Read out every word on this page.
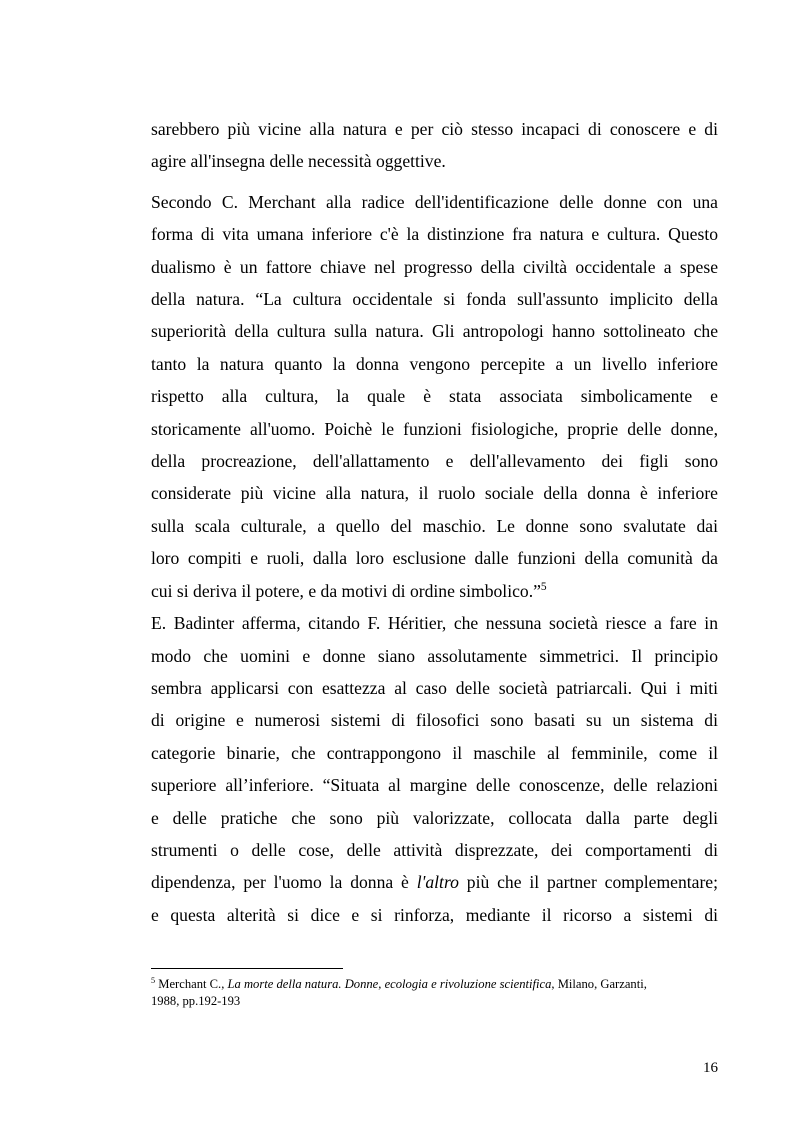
sarebbero più vicine alla natura e per ciò stesso incapaci di conoscere e di
agire all'insegna delle necessità oggettive.

Secondo C. Merchant alla radice dell'identificazione delle donne con una
forma di vita umana inferiore c'è la distinzione fra natura e cultura. Questo
dualismo è un fattore chiave nel progresso della civiltà occidentale a spese
della natura. “La cultura occidentale si fonda sull'assunto implicito della
superiorità della cultura sulla natura. Gli antropologi hanno sottolineato che
tanto la natura quanto la donna vengono percepite a un livello inferiore
rispetto alla cultura, la quale è stata associata simbolicamente e
storicamente all'uomo. Poichè le funzioni fisiologiche, proprie delle donne,
della procreazione, dell'allattamento e dell'allevamento dei figli sono
considerate più vicine alla natura, il ruolo sociale della donna è inferiore
sulla scala culturale, a quello del maschio. Le donne sono svalutate dai
loro compiti e ruoli, dalla loro esclusione dalle funzioni della comunità da
cui si deriva il potere, e da motivi di ordine simbolico.”$^5$

E. Badinter afferma, citando F. Héritier, che nessuna società riesce a fare in
modo che uomini e donne siano assolutamente simmetrici. Il principio
sembra applicarsi con esattezza al caso delle società patriarcali. Qui i miti
di origine e numerosi sistemi di filosofici sono basati su un sistema di
categorie binarie, che contrappongono il maschile al femminile, come il
superiore all’inferiore. “Situata al margine delle conoscenze, delle relazioni
e delle pratiche che sono più valorizzate, collocata dalla parte degli
strumenti o delle cose, delle attività disprezzate, dei comportamenti di
dipendenza, per l'uomo la donna è l'altro più che il partner complementare;
e questa alterità si dice e si rinforza, mediante il ricorso a sistemi di

$^5$ Merchant C., La morte della natura. Donne, ecologia e rivoluzione scientifica, Milano, Garzanti,
1988, pp.192-193
16
